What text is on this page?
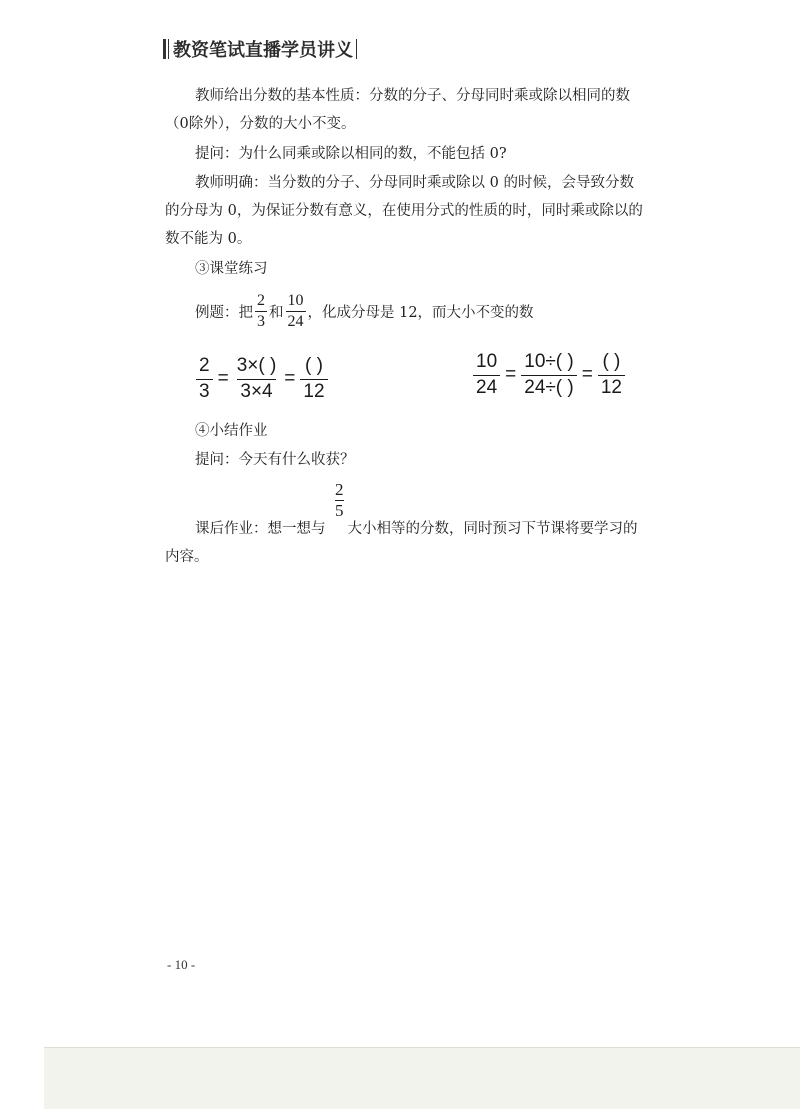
教资笔试直播学员讲义
教师给出分数的基本性质：分数的分子、分母同时乘或除以相同的数
（0除外），分数的大小不变。
提问：为什么同乘或除以相同的数，不能包括 0?
教师明确：当分数的分子、分母同时乘或除以 0 的时候，会导致分数
的分母为 0，为保证分数有意义，在使用分式的性质的时，同时乘或除以的
数不能为 0。
③课堂练习
例题：把 $\frac{2}{3}$ 和 $\frac{10}{24}$ ，化成分母是 12，而大小不变的数
$\frac{2}{3} = \frac{3\times( )}{3\times 4} = \frac{( )}{12}$	$\frac{10}{24} = \frac{10\div( )}{24\div( )} = \frac{( )}{12}$
④小结作业
提问：今天有什么收获？
$\frac{2}{5}$
课后作业：想一想与 大小相等的分数，同时预习下节课将要学习的
内容。
- 10 -
